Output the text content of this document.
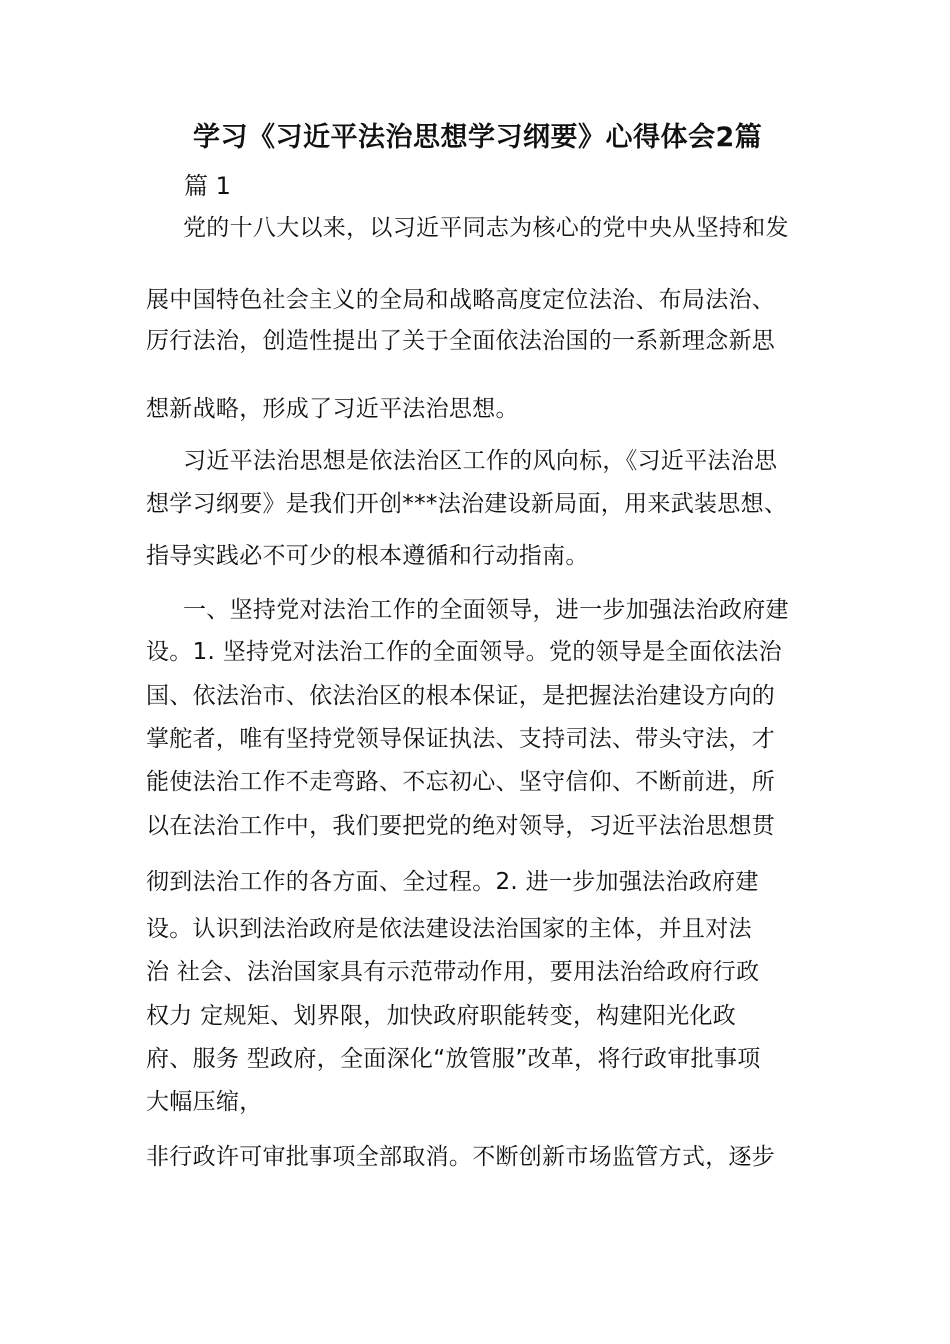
学习《习近平法治思想学习纲要》心得体会2篇
篇 1
党的十八大以来，以习近平同志为核心的党中央从坚持和发
展中国特色社会主义的全局和战略高度定位法治、布局法治、
厉行法治，创造性提出了关于全面依法治国的一系新理念新思
想新战略，形成了习近平法治思想。
习近平法治思想是依法治区工作的风向标，《习近平法治思
想学习纲要》是我们开创***法治建设新局面，用来武装思想、
指导实践必不可少的根本遵循和行动指南。
一、坚持党对法治工作的全面领导，进一步加强法治政府建
设。1. 坚持党对法治工作的全面领导。党的领导是全面依法治
国、依法治市、依法治区的根本保证，是把握法治建设方向的
掌舵者，唯有坚持党领导保证执法、支持司法、带头守法，才
能使法治工作不走弯路、不忘初心、坚守信仰、不断前进，所
以在法治工作中，我们要把党的绝对领导，习近平法治思想贯
彻到法治工作的各方面、全过程。2. 进一步加强法治政府建
设。认识到法治政府是依法建设法治国家的主体，并且对法
治 社会、法治国家具有示范带动作用，要用法治给政府行政
权力 定规矩、划界限，加快政府职能转变，构建阳光化政
府、服务 型政府，全面深化“放管服”改革，将行政审批事项
大幅压缩，
非行政许可审批事项全部取消。不断创新市场监管方式，逐步
